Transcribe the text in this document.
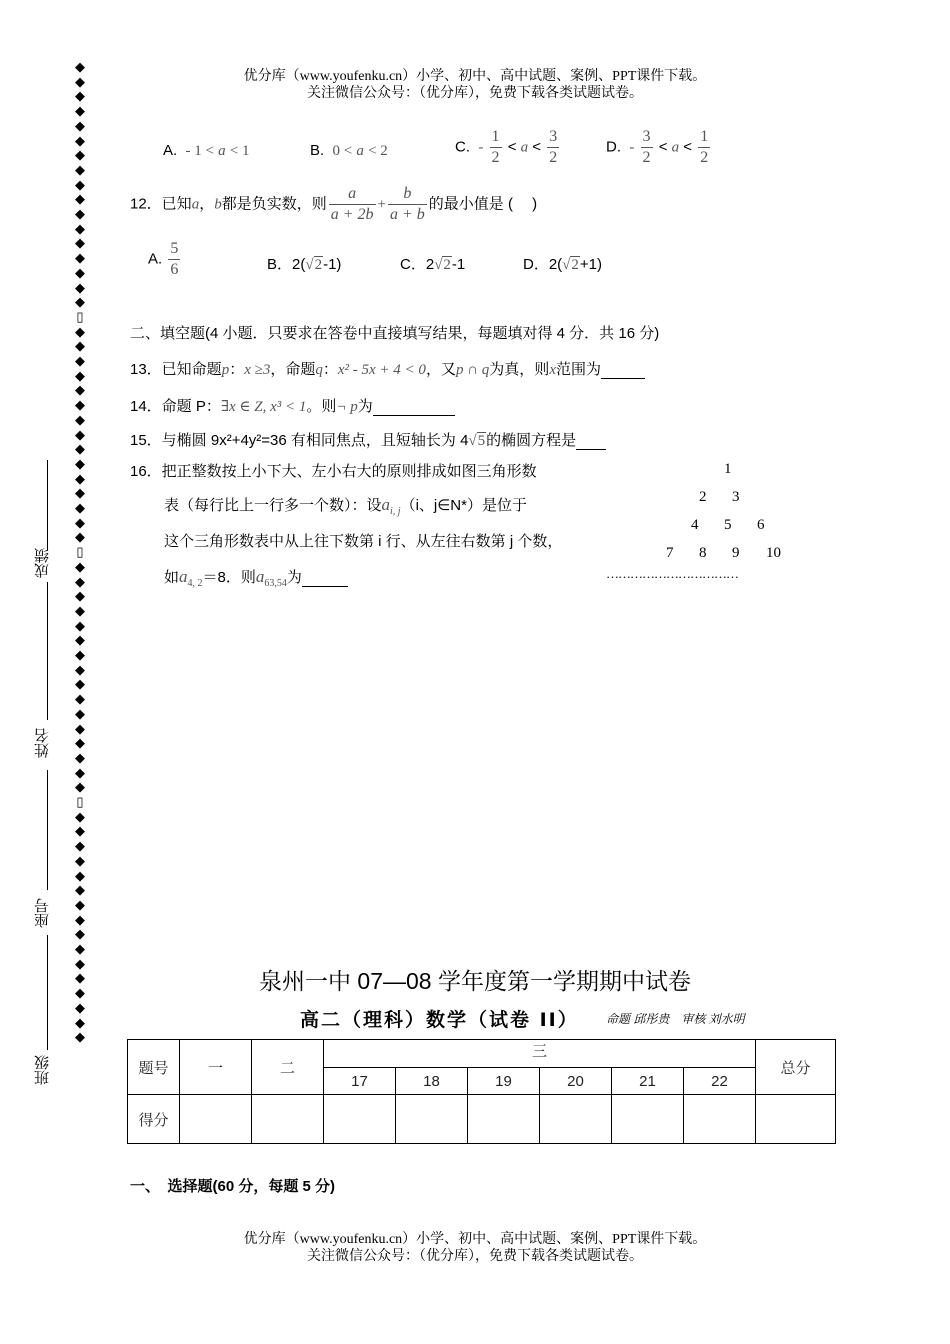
优分库（www.youfenku.cn）小学、初中、高中试题、案例、PPT课件下载。
关注微信公众号：（优分库），免费下载各类试题试卷。
◆
◆
◆
◆
◆
◆
◆
◆
◆
◆
◆
◆
◆
◆
◆
◆
◆
▯
◆
◆
◆
◆
◆
◆
◆
◆
◆
◆
◆
◆
◆
◆
◆
▯
◆
◆
◆
◆
◆
◆
◆
◆
◆
◆
◆
◆
◆
◆
◆
◆
▯
◆
◆
◆
◆
◆
◆
◆
◆
◆
◆
◆
◆
◆
◆
◆
◆
成绩
姓名
座号
班级
A. - 1 < a < 1	B. 0 < a < 2	C. - $\frac{1}{2} < a < \frac{3}{2}$	D. - $\frac{3}{2} < a < \frac{1}{2}$
12．已知a，b都是负实数，则 $\frac{a}{a + 2b} + \frac{b}{a + b}$ 的最小值是 (　 )
A. $\frac{5}{6}$	B．2(√2-1)	C．2√2-1	D．2(√2+1)
二、填空题(4 小题．只要求在答卷中直接填写结果，每题填对得 4 分．共 16 分)
13．已知命题p：x ≥3，命题q：x² - 5x + 4 < 0，又p ∩ q为真，则x范围为
14．命题 P：∃x ∈ Z, x³ < 1。则¬ p为
15．与椭圆 9x²+4y²=36 有相同焦点，且短轴长为 4√5的椭圆方程是
16．把正整数按上小下大、左小右大的原则排成如图三角形数
表（每行比上一行多一个数）：设$a_{i, j}(i$、j∈N*）是位于
这个三角形数表中从上往下数第 i 行、从左往右数第 j 个数，
如$a_{4, 2}=8$．则$a_{63,54}$为
1
2 3
4 5 6
7 8 9 10
……………………………
泉州一中 07—08 学年度第一学期期中试卷
高二（理科）数学（试卷 II） 命题 邱彤贵　审核 刘水明
题号	一	二	三						总分
			17	18	19	20	21	22	
得分									
一、　选择题(60 分，每题 5 分)
优分库（www.youfenku.cn）小学、初中、高中试题、案例、PPT课件下载。
关注微信公众号：（优分库），免费下载各类试题试卷。
